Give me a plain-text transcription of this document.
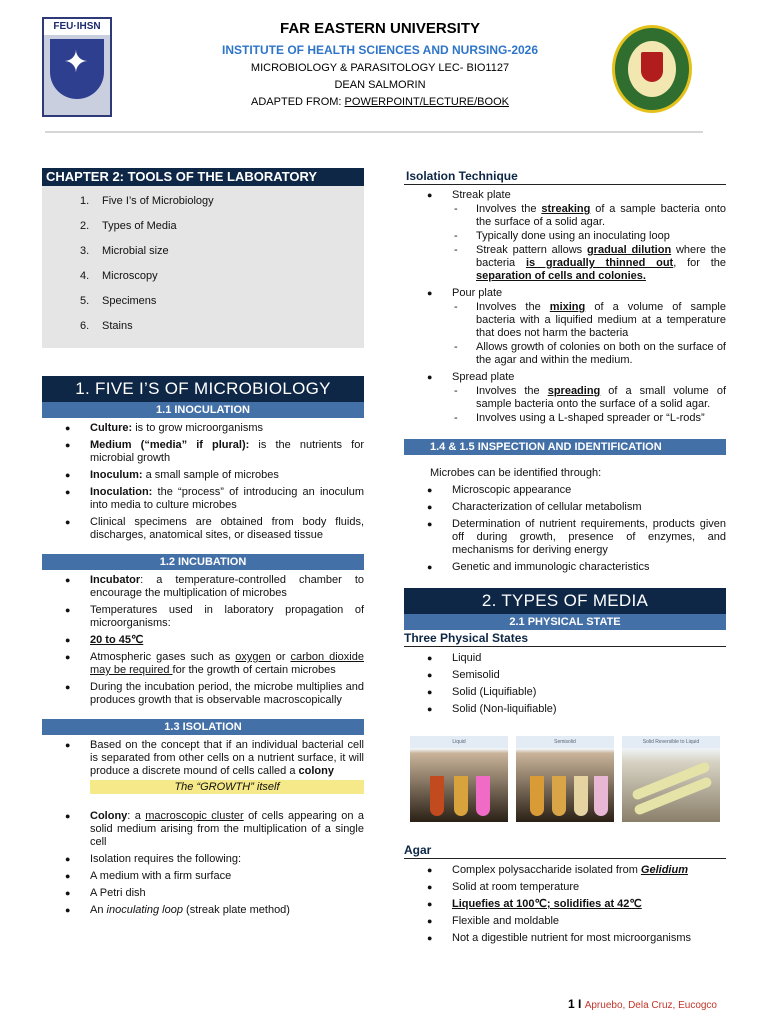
FEU·IHSN
✦
FAR EASTERN UNIVERSITY
INSTITUTE OF HEALTH SCIENCES AND NURSING-2026
MICROBIOLOGY & PARASITOLOGY LEC- BIO1127
DEAN SALMORIN
ADAPTED FROM: POWERPOINT/LECTURE/BOOK
CHAPTER 2: TOOLS OF THE LABORATORY
1. Five I’s of Microbiology
2. Types of Media
3. Microbial size
4. Microscopy
5. Specimens
6. Stains
1. FIVE I’S OF MICROBIOLOGY
1.1 INOCULATION
● Culture: is to grow microorganisms
● Medium (“media” if plural): is the nutrients for microbial growth
● Inoculum: a small sample of microbes
● Inoculation: the “process” of introducing an inoculum into media to culture microbes
● Clinical specimens are obtained from body fluids, discharges, anatomical sites, or diseased tissue
1.2 INCUBATION
● Incubator: a temperature-controlled chamber to encourage the multiplication of microbes
● Temperatures used in laboratory propagation of microorganisms:
● 20 to 45℃
● Atmospheric gases such as oxygen or carbon dioxide may be required for the growth of certain microbes
● During the incubation period, the microbe multiplies and produces growth that is observable macroscopically
1.3 ISOLATION
● Based on the concept that if an individual bacterial cell is separated from other cells on a nutrient surface, it will produce a discrete mound of cells called a colony
The “GROWTH” itself
● Colony: a macroscopic cluster of cells appearing on a solid medium arising from the multiplication of a single cell
● Isolation requires the following:
● A medium with a firm surface
● A Petri dish
● An inoculating loop (streak plate method)
Isolation Technique
● Streak plate
- Involves the streaking of a sample bacteria onto the surface of a solid agar.
- Typically done using an inoculating loop
- Streak pattern allows gradual dilution where the bacteria is gradually thinned out, for the separation of cells and colonies.
● Pour plate
- Involves the mixing of a volume of sample bacteria with a liquified medium at a temperature that does not harm the bacteria
- Allows growth of colonies on both on the surface of the agar and within the medium.
● Spread plate
- Involves the spreading of a small volume of sample bacteria onto the surface of a solid agar.
- Involves using a L-shaped spreader or “L-rods”
1.4 & 1.5 INSPECTION AND IDENTIFICATION
Microbes can be identified through:
● Microscopic appearance
● Characterization of cellular metabolism
● Determination of nutrient requirements, products given off during growth, presence of enzymes, and mechanisms for deriving energy
● Genetic and immunologic characteristics
2. TYPES OF MEDIA
2.1 PHYSICAL STATE
Three Physical States
● Liquid
● Semisolid
● Solid (Liquifiable)
● Solid (Non-liquifiable)
Liquid	Semisolid	Solid Reversible to Liquid
Agar
● Complex polysaccharide isolated from Gelidium
● Solid at room temperature
● Liquefies at 100℃; solidifies at 42℃
● Flexible and moldable
● Not a digestible nutrient for most microorganisms
1 I Apruebo, Dela Cruz, Eucogco
